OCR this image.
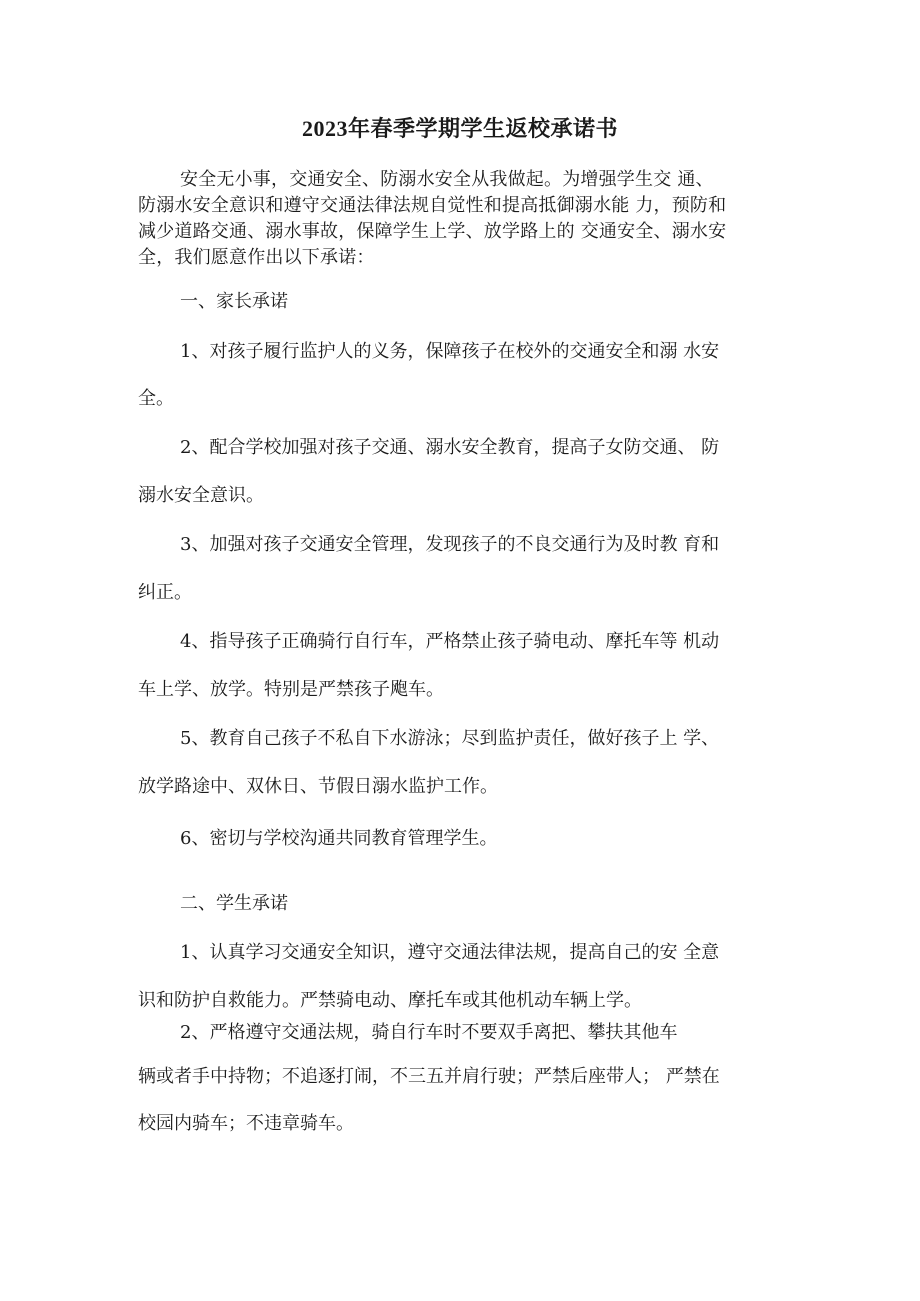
2023年春季学期学生返校承诺书
安全无小事，交通安全、防溺水安全从我做起。为增强学生交 通、
防溺水安全意识和遵守交通法律法规自觉性和提高抵御溺水能 力，预防和
减少道路交通、溺水事故，保障学生上学、放学路上的 交通安全、溺水安
全，我们愿意作出以下承诺：
一、家长承诺
1、对孩子履行监护人的义务，保障孩子在校外的交通安全和溺 水安
全。
2、配合学校加强对孩子交通、溺水安全教育，提高子女防交通、 防
溺水安全意识。
3、加强对孩子交通安全管理，发现孩子的不良交通行为及时教 育和
纠正。
4、指导孩子正确骑行自行车，严格禁止孩子骑电动、摩托车等 机动
车上学、放学。特别是严禁孩子飑车。
5、教育自己孩子不私自下水游泳；尽到监护责任，做好孩子上 学、
放学路途中、双休日、节假日溺水监护工作。
6、密切与学校沟通共同教育管理学生。
二、学生承诺
1、认真学习交通安全知识，遵守交通法律法规，提高自己的安 全意
识和防护自救能力。严禁骑电动、摩托车或其他机动车辆上学。
2、严格遵守交通法规，骑自行车时不要双手离把、攀扶其他车
辆或者手中持物；不追逐打闹，不三五并肩行驶；严禁后座带人； 严禁在
校园内骑车；不违章骑车。
